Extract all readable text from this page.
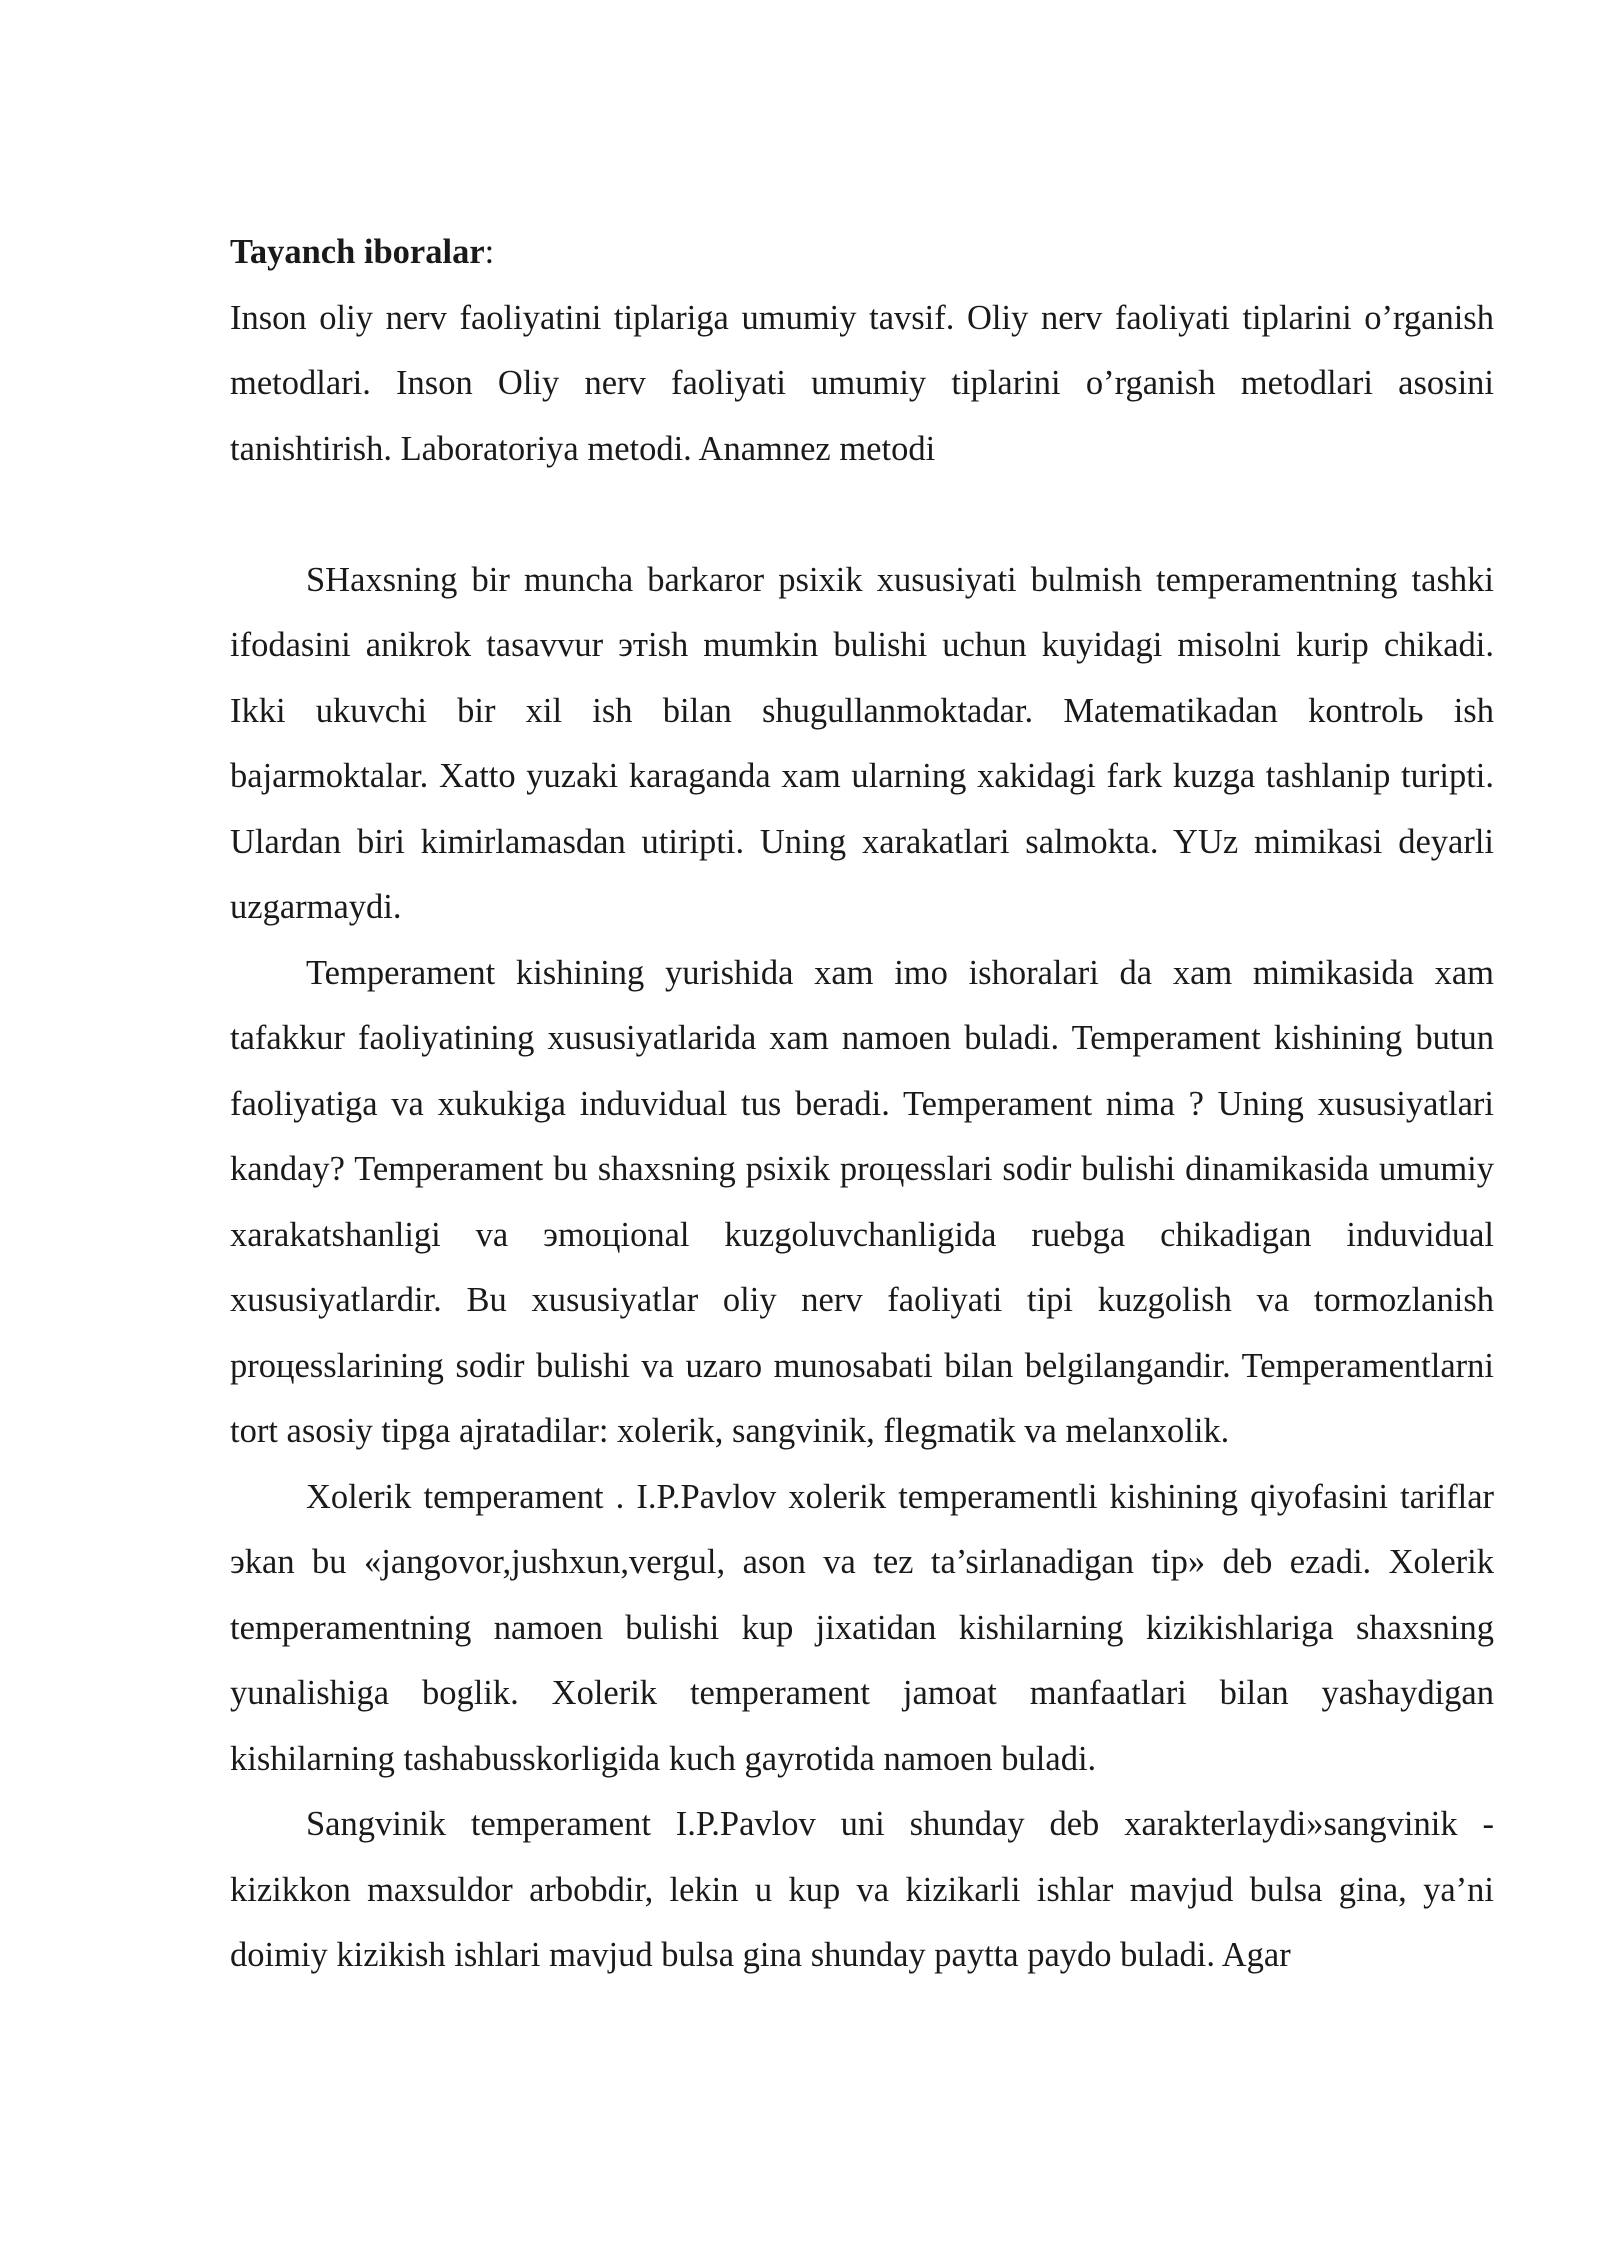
Tayanch iboralar:

Inson oliy nerv faoliyatini tiplariga umumiy tavsif. Oliy nerv faoliyati tiplarini o’rganish metodlari. Inson Oliy nerv faoliyati umumiy tiplarini o’rganish metodlari asosini tanishtirish. Laboratoriya metodi. Anamnez metodi

SHaxsning bir muncha barkaror psixik xususiyati bulmish temperamentning tashki ifodasini anikrok tasavvur этish mumkin bulishi uchun kuyidagi misolni kurip chikadi. Ikki ukuvchi bir xil ish bilan shugullanmoktadar. Matematikadan kontrolь ish bajarmoktalar. Xatto yuzaki karaganda xam ularning xakidagi fark kuzga tashlanip turipti. Ulardan biri kimirlamasdan utiripti. Uning xarakatlari salmokta. YUz mimikasi deyarli uzgarmaydi.

Temperament kishining yurishida xam imo ishoralari da xam mimikasida xam tafakkur faoliyatining xususiyatlarida xam namoen buladi. Temperament kishining butun faoliyatiga va xukukiga induvidual tus beradi. Temperament nima ? Uning xususiyatlari kanday? Temperament bu shaxsning psixik proцesslari sodir bulishi dinamikasida umumiy xarakatshanligi va эmoцional kuzgoluvchanligida ruebga chikadigan induvidual xususiyatlardir. Bu xususiyatlar oliy nerv faoliyati tipi kuzgolish va tormozlanish proцesslarining sodir bulishi va uzaro munosabati bilan belgilangandir. Temperamentlarni tort asosiy tipga ajratadilar: xolerik, sangvinik, flegmatik va melanxolik.

Xolerik temperament . I.P.Pavlov xolerik temperamentli kishining qiyofasini tariflar эkan bu «jangovor,jushxun,vergul, ason va tez ta’sirlanadigan tip» deb ezadi. Xolerik temperamentning namoen bulishi kup jixatidan kishilarning kizikishlariga shaxsning yunalishiga boglik. Xolerik temperament jamoat manfaatlari bilan yashaydigan kishilarning tashabusskorligida kuch gayrotida namoen buladi.

Sangvinik temperament I.P.Pavlov uni shunday deb xarakterlaydi»sangvinik - kizikkon maxsuldor arbobdir, lekin u kup va kizikarli ishlar mavjud bulsa gina, ya’ni doimiy kizikish ishlari mavjud bulsa gina shunday paytta paydo buladi. Agar
